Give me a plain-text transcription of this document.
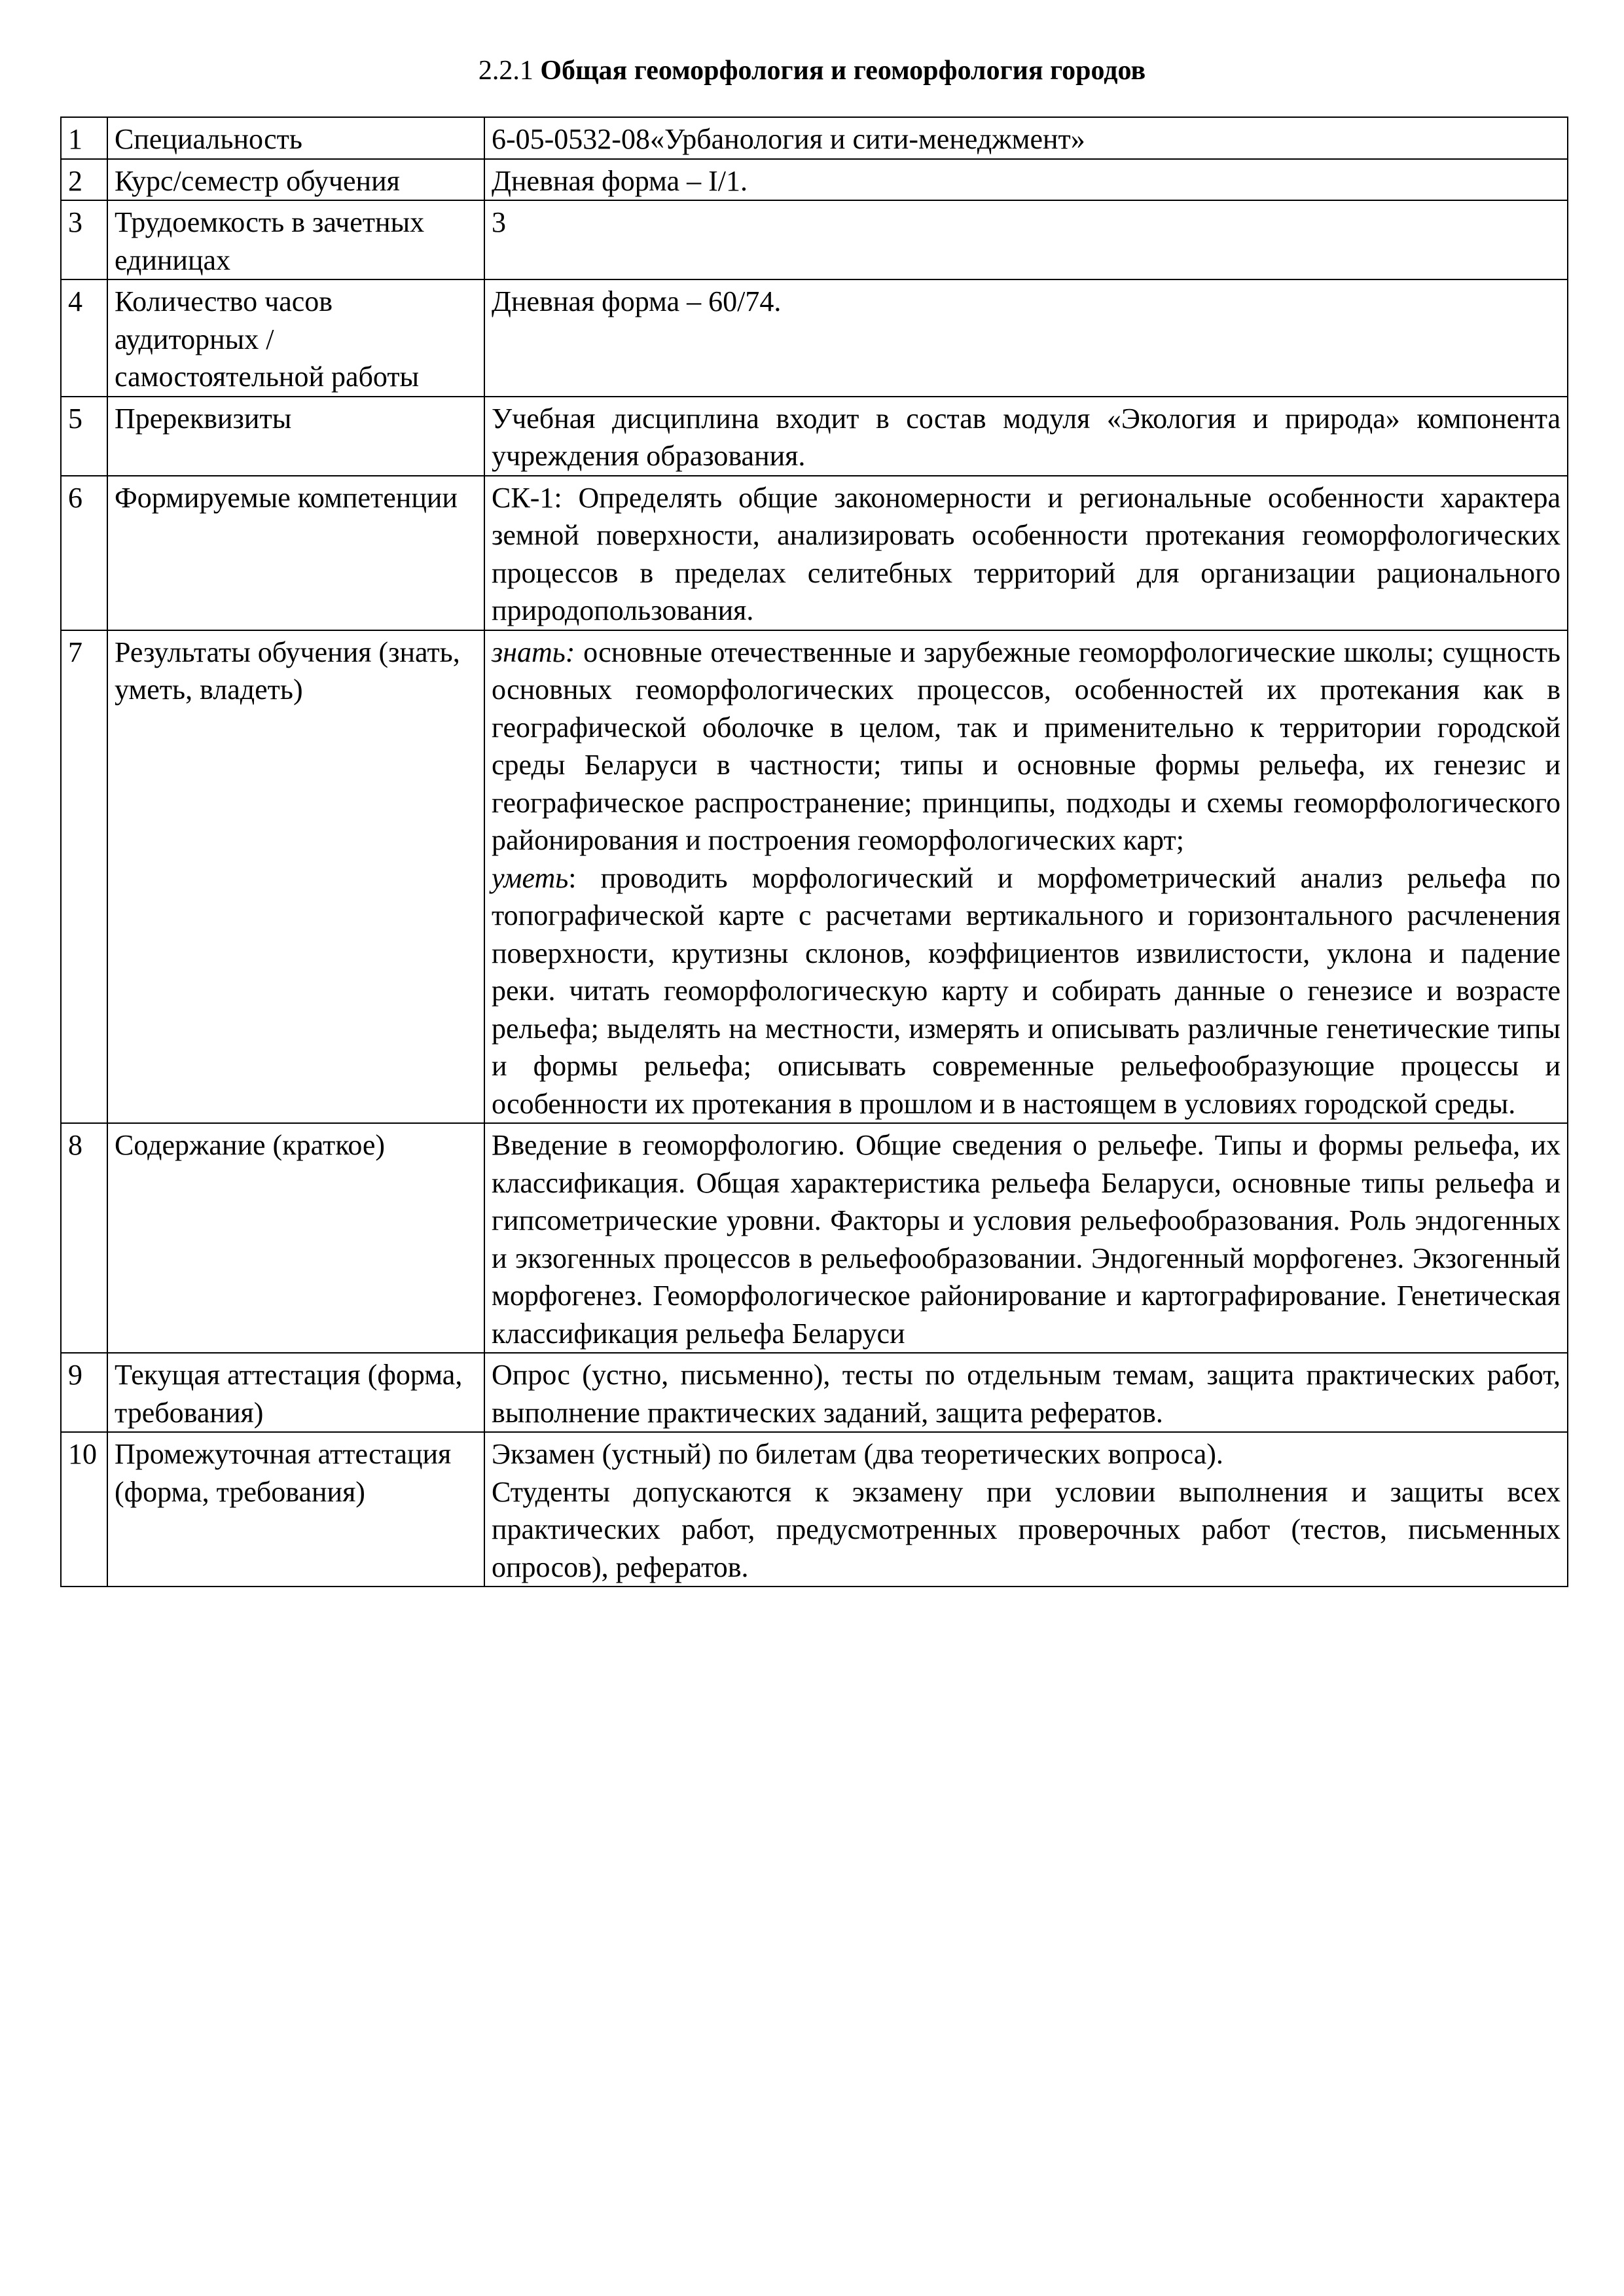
2.2.1 Общая геоморфология и геоморфология городов
1	Специальность	6-05-0532-08«Урбанология и сити-менеджмент»
2	Курс/семестр обучения	Дневная форма – I/1.
3	Трудоемкость в зачетных единицах	3
4	Количество часов аудиторных / самостоятельной работы	Дневная форма – 60/74.
5	Пререквизиты	Учебная дисциплина входит в состав модуля «Экология и природа» компонента учреждения образования.
6	Формируемые компетенции	СК-1: Определять общие закономерности и региональные особенности характера земной поверхности, анализировать особенности протекания геоморфологических процессов в пределах селитебных территорий для организации рационального природопользования.
7	Результаты обучения (знать, уметь, владеть)	знать: основные отечественные и зарубежные геоморфологические школы; сущность основных геоморфологических процессов, особенностей их протекания как в географической оболочке в целом, так и применительно к территории городской среды Беларуси в частности; типы и основные формы рельефа, их генезис и географическое распространение; принципы, подходы и схемы геоморфологического районирования и построения геоморфологических карт;
уметь: проводить морфологический и морфометрический анализ рельефа по топографической карте с расчетами вертикального и горизонтального расчленения поверхности, крутизны склонов, коэффициентов извилистости, уклона и падение реки. читать геоморфологическую карту и собирать данные о генезисе и возрасте рельефа; выделять на местности, измерять и описывать различные генетические типы и формы рельефа; описывать современные рельефообразующие процессы и особенности их протекания в прошлом и в настоящем в условиях городской среды.

8	Содержание (краткое)	Введение в геоморфологию. Общие сведения о рельефе. Типы и формы рельефа, их классификация. Общая характеристика рельефа Беларуси, основные типы рельефа и гипсометрические уровни. Факторы и условия рельефообразования. Роль эндогенных и экзогенных процессов в рельефообразовании. Эндогенный морфогенез. Экзогенный морфогенез. Геоморфологическое районирование и картографирование. Генетическая классификация рельефа Беларуси
9	Текущая аттестация (форма, требования)	Опрос (устно, письменно), тесты по отдельным темам, защита практических работ, выполнение практических заданий, защита рефератов.
10	Промежуточная аттестация (форма, требования)	Экзамен (устный) по билетам (два теоретических вопроса).
Студенты допускаются к экзамену при условии выполнения и защиты всех практических работ, предусмотренных проверочных работ (тестов, письменных опросов), рефератов.
